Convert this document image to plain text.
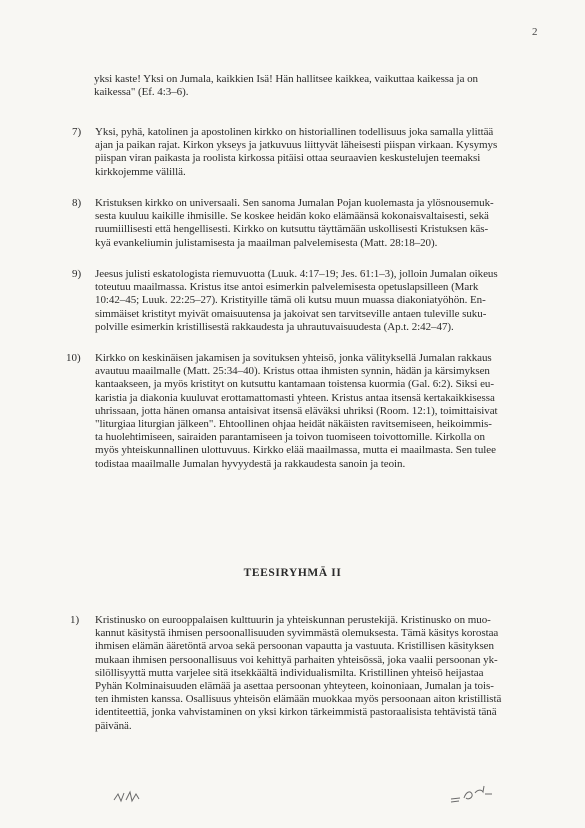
2
yksi kaste! Yksi on Jumala, kaikkien Isä! Hän hallitsee kaikkea, vaikuttaa kaikessa ja on
kaikessa" (Ef. 4:3–6).
7) Yksi, pyhä, katolinen ja apostolinen kirkko on historiallinen todellisuus joka samalla ylittää
ajan ja paikan rajat. Kirkon ykseys ja jatkuvuus liittyvät läheisesti piispan virkaan. Kysymys
piispan viran paikasta ja roolista kirkossa pitäisi ottaa seuraavien keskustelujen teemaksi
kirkkojemme välillä.
8) Kristuksen kirkko on universaali. Sen sanoma Jumalan Pojan kuolemasta ja ylösnousemuk-
sesta kuuluu kaikille ihmisille. Se koskee heidän koko elämäänsä kokonaisvaltaisesti, sekä
ruumiillisesti että hengellisesti. Kirkko on kutsuttu täyttämään uskollisesti Kristuksen käs-
kyä evankeliumin julistamisesta ja maailman palvelemisesta (Matt. 28:18–20).
9) Jeesus julisti eskatologista riemuvuotta (Luuk. 4:17–19; Jes. 61:1–3), jolloin Jumalan oikeus
toteutuu maailmassa. Kristus itse antoi esimerkin palvelemisesta opetuslapsilleen (Mark
10:42–45; Luuk. 22:25–27). Kristityille tämä oli kutsu muun muassa diakoniatyöhön. En-
simmäiset kristityt myivät omaisuutensa ja jakoivat sen tarvitseville antaen tuleville suku-
polville esimerkin kristillisestä rakkaudesta ja uhrautuvaisuudesta (Ap.t. 2:42–47).
10) Kirkko on keskinäisen jakamisen ja sovituksen yhteisö, jonka välityksellä Jumalan rakkaus
avautuu maailmalle (Matt. 25:34–40). Kristus ottaa ihmisten synnin, hädän ja kärsimyksen
kantaakseen, ja myös kristityt on kutsuttu kantamaan toistensa kuormia (Gal. 6:2). Siksi eu-
karistia ja diakonia kuuluvat erottamattomasti yhteen. Kristus antaa itsensä kertakaikkisessa
uhrissaan, jotta hänen omansa antaisivat itsensä eläväksi uhriksi (Room. 12:1), toimittaisivat
"liturgiaa liturgian jälkeen". Ehtoollinen ohjaa heidät näkäisten ravitsemiseen, heikoimmis-
ta huolehtimiseen, sairaiden parantamiseen ja toivon tuomiseen toivottomille. Kirkolla on
myös yhteiskunnallinen ulottuvuus. Kirkko elää maailmassa, mutta ei maailmasta. Sen tulee
todistaa maailmalle Jumalan hyvyydestä ja rakkaudesta sanoin ja teoin.
TEESIRYHMÄ II
1) Kristinusko on eurooppalaisen kulttuurin ja yhteiskunnan perustekijä. Kristinusko on muo-
kannut käsitystä ihmisen persoonallisuuden syvimmästä olemuksesta. Tämä käsitys korostaa
ihmisen elämän ääretöntä arvoa sekä persoonan vapautta ja vastuuta. Kristillisen käsityksen
mukaan ihmisen persoonallisuus voi kehittyä parhaiten yhteisössä, joka vaalii persoonan yk-
silöllisyyttä mutta varjelee sitä itsekkäältä individualismilta. Kristillinen yhteisö heijastaa
Pyhän Kolminaisuuden elämää ja asettaa persoonan yhteyteen, koinoniaan, Jumalan ja tois-
ten ihmisten kanssa. Osallisuus yhteisön elämään muokkaa myös persoonaan aiton kristillistä
identiteettiä, jonka vahvistaminen on yksi kirkon tärkeimmistä pastoraalisista tehtävistä tänä
päivänä.
